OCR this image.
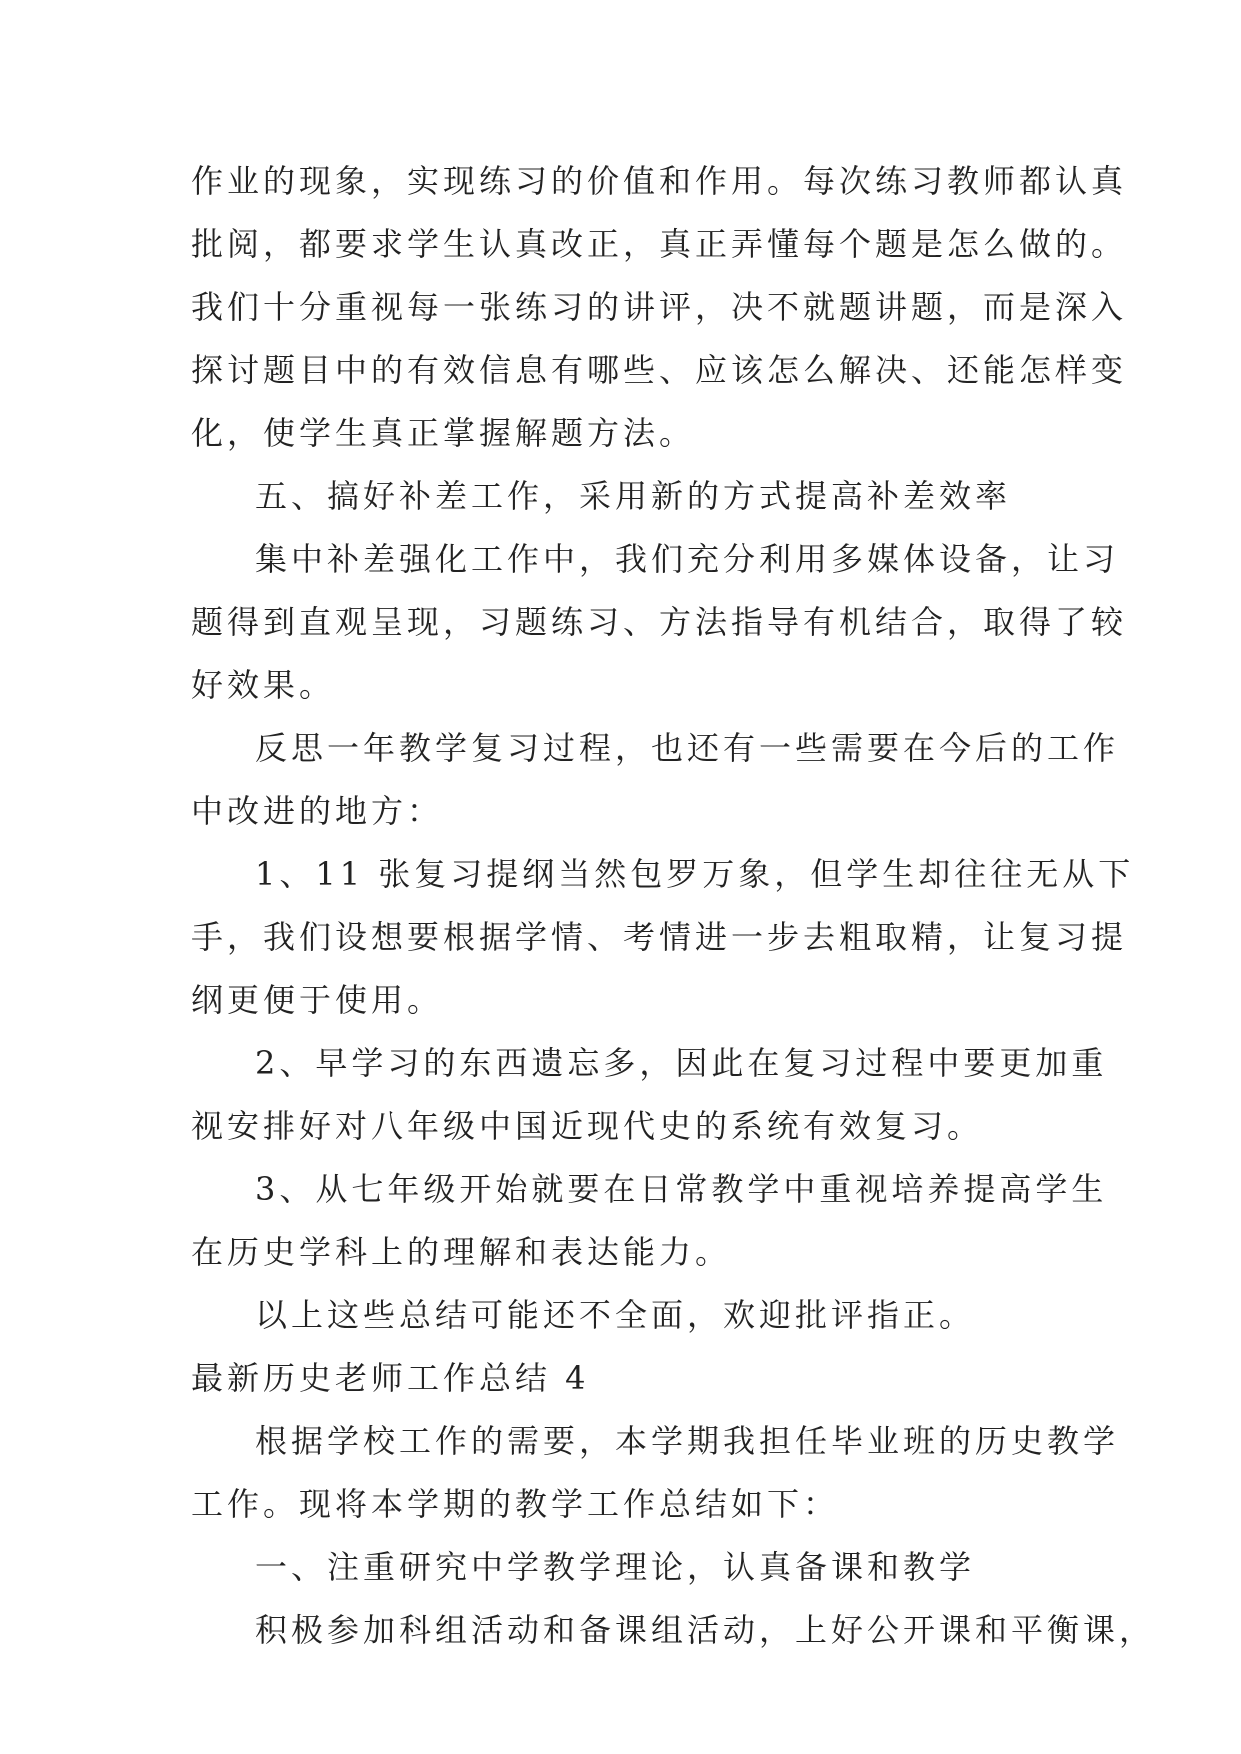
作业的现象，实现练习的价值和作用。每次练习教师都认真
批阅，都要求学生认真改正，真正弄懂每个题是怎么做的。
我们十分重视每一张练习的讲评，决不就题讲题，而是深入
探讨题目中的有效信息有哪些、应该怎么解决、还能怎样变
化，使学生真正掌握解题方法。
五、搞好补差工作，采用新的方式提高补差效率
集中补差强化工作中，我们充分利用多媒体设备，让习
题得到直观呈现，习题练习、方法指导有机结合，取得了较
好效果。
反思一年教学复习过程，也还有一些需要在今后的工作
中改进的地方：
1、11 张复习提纲当然包罗万象，但学生却往往无从下
手，我们设想要根据学情、考情进一步去粗取精，让复习提
纲更便于使用。
2、早学习的东西遗忘多，因此在复习过程中要更加重
视安排好对八年级中国近现代史的系统有效复习。
3、从七年级开始就要在日常教学中重视培养提高学生
在历史学科上的理解和表达能力。
以上这些总结可能还不全面，欢迎批评指正。
最新历史老师工作总结 4
根据学校工作的需要，本学期我担任毕业班的历史教学
工作。现将本学期的教学工作总结如下：
一、注重研究中学教学理论，认真备课和教学
积极参加科组活动和备课组活动，上好公开课和平衡课，
